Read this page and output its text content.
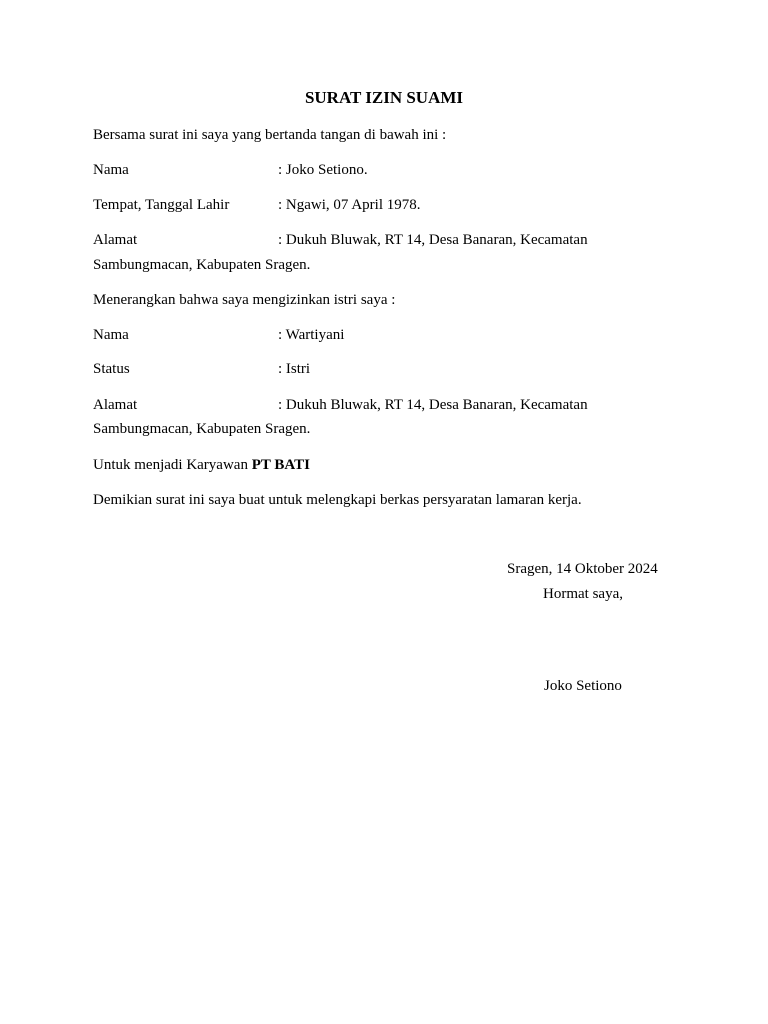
SURAT IZIN SUAMI
Bersama surat ini saya yang bertanda tangan di bawah ini :
Nama	: Joko Setiono.
Tempat, Tanggal Lahir	: Ngawi, 07 April 1978.
Alamat	: Dukuh Bluwak, RT 14, Desa Banaran, Kecamatan
Sambungmacan, Kabupaten Sragen.
Menerangkan bahwa saya mengizinkan istri saya :
Nama	: Wartiyani
Status	: Istri
Alamat	: Dukuh Bluwak, RT 14, Desa Banaran, Kecamatan
Sambungmacan, Kabupaten Sragen.
Untuk menjadi Karyawan PT BATI
Demikian surat ini saya buat untuk melengkapi berkas persyaratan lamaran kerja.
Sragen, 14 Oktober 2024
Hormat saya,
Joko Setiono
